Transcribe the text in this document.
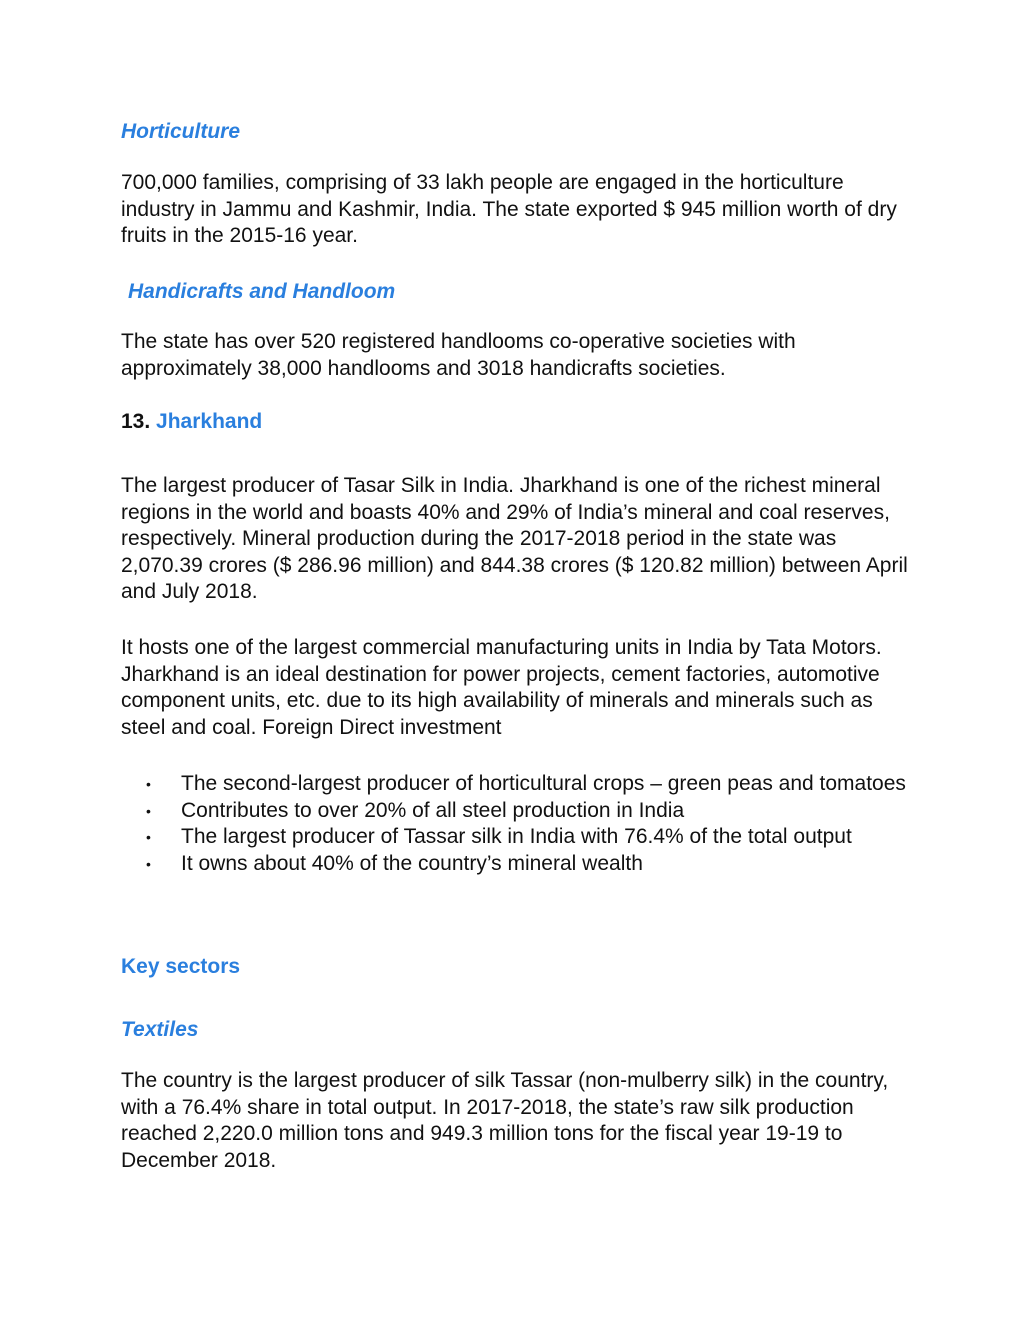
Horticulture

700,000 families, comprising of 33 lakh people are engaged in the horticulture industry in Jammu and Kashmir, India. The state exported $ 945 million worth of dry fruits in the 2015-16 year.

Handicrafts and Handloom

The state has over 520 registered handlooms co-operative societies with approximately 38,000 handlooms and 3018 handicrafts societies.

13. Jharkhand

The largest producer of Tasar Silk in India. Jharkhand is one of the richest mineral regions in the world and boasts 40% and 29% of India’s mineral and coal reserves, respectively. Mineral production during the 2017-2018 period in the state was 2,070.39 crores ($ 286.96 million) and 844.38 crores ($ 120.82 million) between April and July 2018.

It hosts one of the largest commercial manufacturing units in India by Tata Motors. Jharkhand is an ideal destination for power projects, cement factories, automotive component units, etc. due to its high availability of minerals and minerals such as steel and coal. Foreign Direct investment

• The second-largest producer of horticultural crops – green peas and tomatoes
• Contributes to over 20% of all steel production in India
• The largest producer of Tassar silk in India with 76.4% of the total output
• It owns about 40% of the country’s mineral wealth
Key sectors
Textiles

The country is the largest producer of silk Tassar (non-mulberry silk) in the country, with a 76.4% share in total output. In 2017-2018, the state’s raw silk production reached 2,220.0 million tons and 949.3 million tons for the fiscal year 19-19 to December 2018.
